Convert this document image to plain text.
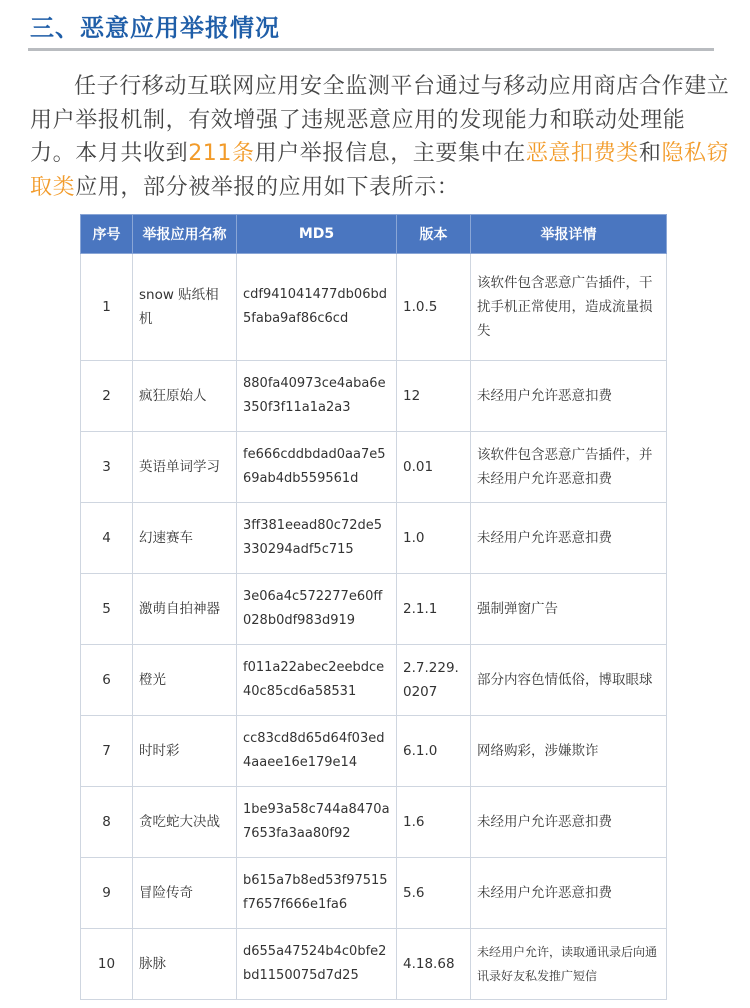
三、恶意应用举报情况

任子行移动互联网应用安全监测平台通过与移动应用商店合作建立用户举报机制，有效增强了违规恶意应用的发现能力和联动处理能力。本月共收到211条用户举报信息，主要集中在恶意扣费类和隐私窃取类应用，部分被举报的应用如下表所示：

序号	举报应用名称	MD5	版本	举报详情
1	snow 贴纸相机	cdf941041477db06bd5faba9af86c6cd	1.0.5	该软件包含恶意广告插件，干扰手机正常使用，造成流量损失
2	疯狂原始人	880fa40973ce4aba6e350f3f11a1a2a3	12	未经用户允许恶意扣费
3	英语单词学习	fe666cddbdad0aa7e569ab4db559561d	0.01	该软件包含恶意广告插件，并未经用户允许恶意扣费
4	幻速赛车	3ff381eead80c72de5330294adf5c715	1.0	未经用户允许恶意扣费
5	激萌自拍神器	3e06a4c572277e60ff028b0df983d919	2.1.1	强制弹窗广告
6	橙光	f011a22abec2eebdce40c85cd6a58531	2.7.229.0207	部分内容色情低俗，博取眼球
7	时时彩	cc83cd8d65d64f03ed4aaee16e179e14	6.1.0	网络购彩，涉嫌欺诈
8	贪吃蛇大决战	1be93a58c744a8470a7653fa3aa80f92	1.6	未经用户允许恶意扣费
9	冒险传奇	b615a7b8ed53f97515f7657f666e1fa6	5.6	未经用户允许恶意扣费
10	脉脉	d655a47524b4c0bfe2bd1150075d7d25	4.18.68	未经用户允许，读取通讯录后向通讯录好友私发推广短信
